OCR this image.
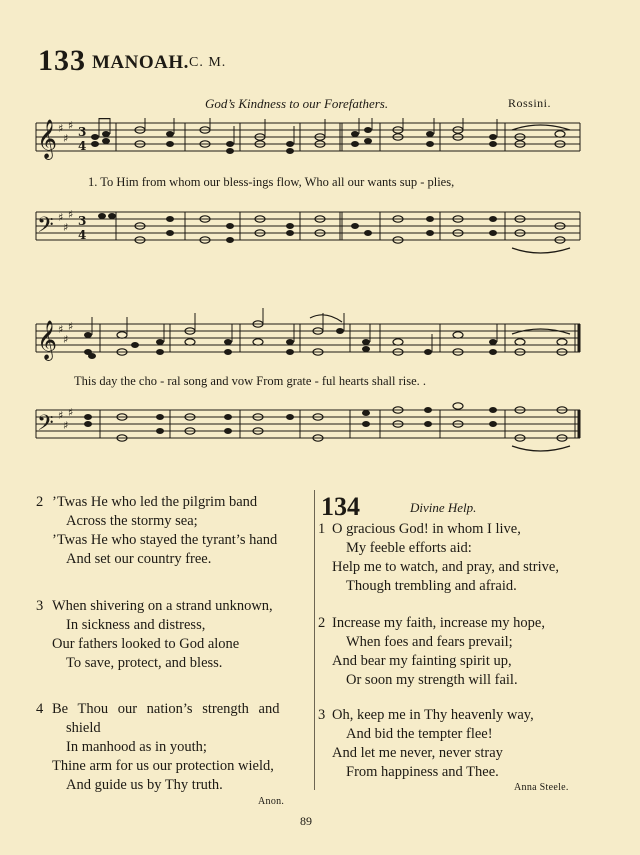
133 MANOAH. C. M.
God’s Kindness to our Forefathers.	Rossini.
𝄞
𝄢
♯
♯
♯
♯
♯
♯
3
4
3
4
1. To Him from whom our bless-ings flow, Who all our wants sup - plies,
𝄞
𝄢
♯
♯
♯
♯
♯
♯
This day the cho - ral song and vow From grate - ful hearts shall rise. .
2 ’Twas He who led the pilgrim band
Across the stormy sea;
’Twas He who stayed the tyrant’s hand
And set our country free.
3 When shivering on a strand unknown,
In sickness and distress,
Our fathers looked to God alone
To save, protect, and bless.
4 Be Thou our nation’s strength and
shield
In manhood as in youth;
Thine arm for us our protection wield,
And guide us by Thy truth.
Anon.
134	Divine Help.
1 O gracious God! in whom I live,
My feeble efforts aid:
Help me to watch, and pray, and strive,
Though trembling and afraid.
2 Increase my faith, increase my hope,
When foes and fears prevail;
And bear my fainting spirit up,
Or soon my strength will fail.
3 Oh, keep me in Thy heavenly way,
And bid the tempter flee!
And let me never, never stray
From happiness and Thee.
Anna Steele.
89
